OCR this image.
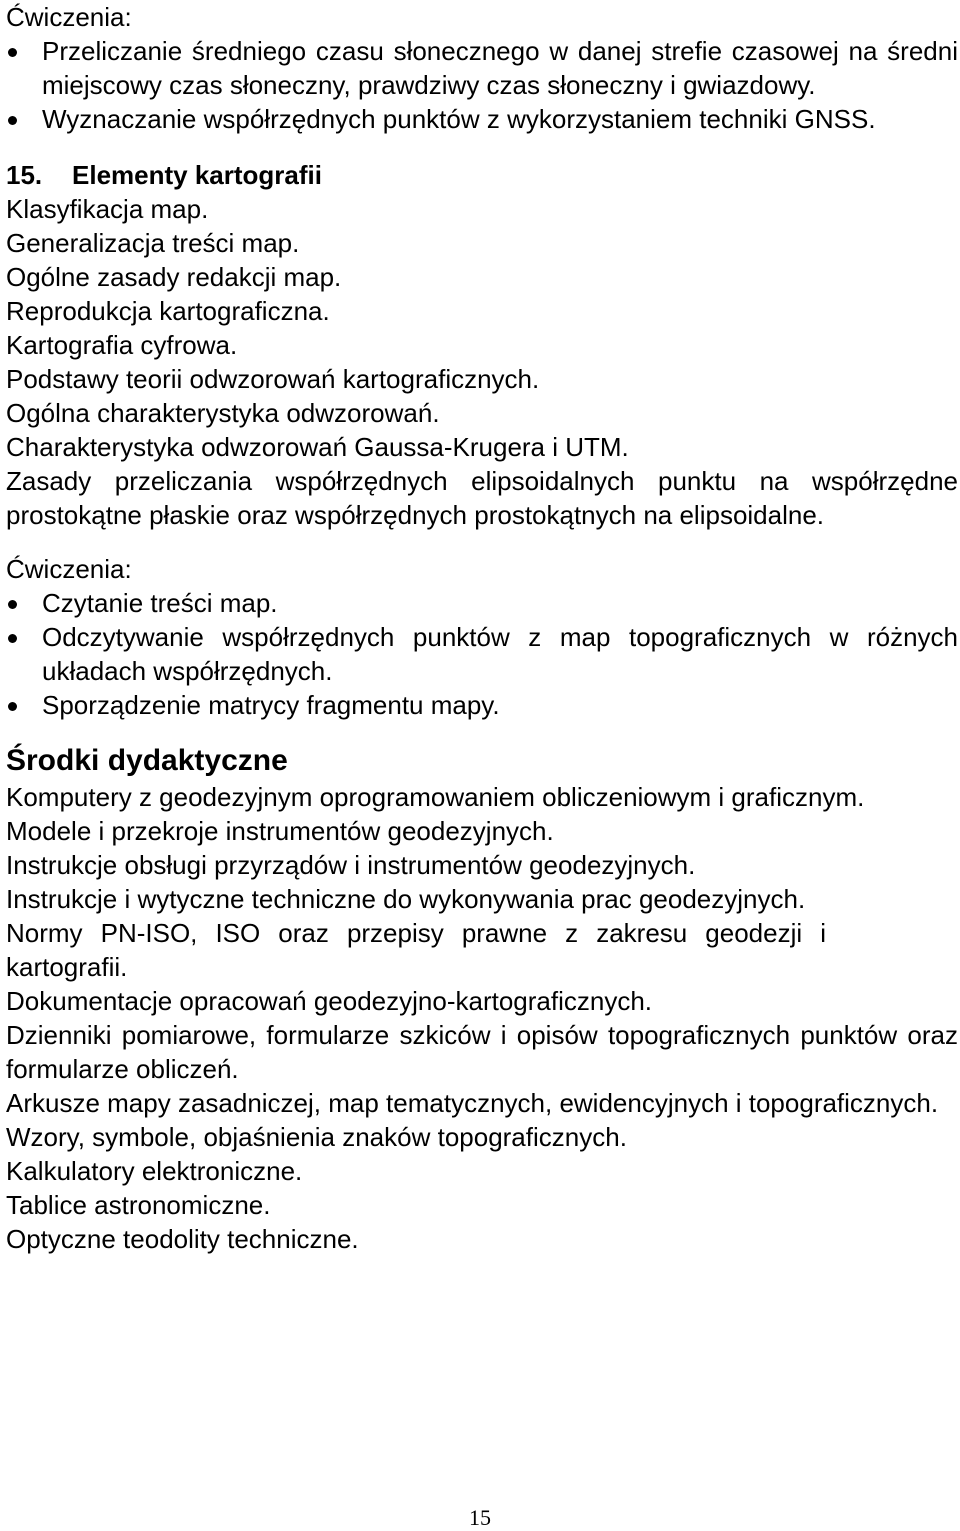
Ćwiczenia:

Przeliczanie średniego czasu słonecznego w danej strefie czasowej na średni miejscowy czas słoneczny, prawdziwy czas słoneczny i gwiazdowy.
Wyznaczanie współrzędnych punktów z wykorzystaniem techniki GNSS.

15. Elementy kartografii

Klasyfikacja map.

Generalizacja treści map.

Ogólne zasady redakcji map.

Reprodukcja kartograficzna.

Kartografia cyfrowa.

Podstawy teorii odwzorowań kartograficznych.

Ogólna charakterystyka odwzorowań.

Charakterystyka odwzorowań Gaussa-Krugera i UTM.

Zasady przeliczania współrzędnych elipsoidalnych punktu na współrzędne prostokątne płaskie oraz współrzędnych prostokątnych na elipsoidalne.

Ćwiczenia:

Czytanie treści map.
Odczytywanie współrzędnych punktów z map topograficznych w różnych układach współrzędnych.
Sporządzenie matrycy fragmentu mapy.

Środki dydaktyczne

Komputery z geodezyjnym oprogramowaniem obliczeniowym i graficznym.

Modele i przekroje instrumentów geodezyjnych.

Instrukcje obsługi przyrządów i instrumentów geodezyjnych.

Instrukcje i wytyczne techniczne do wykonywania prac geodezyjnych.

Normy PN-ISO, ISO oraz przepisy prawne z zakresu geodezji i kartografii.

Dokumentacje opracowań geodezyjno-kartograficznych.

Dzienniki pomiarowe, formularze szkiców i opisów topograficznych punktów oraz formularze obliczeń.

Arkusze mapy zasadniczej, map tematycznych, ewidencyjnych i topograficznych.

Wzory, symbole, objaśnienia znaków topograficznych.

Kalkulatory elektroniczne.

Tablice astronomiczne.

Optyczne teodolity techniczne.

15
